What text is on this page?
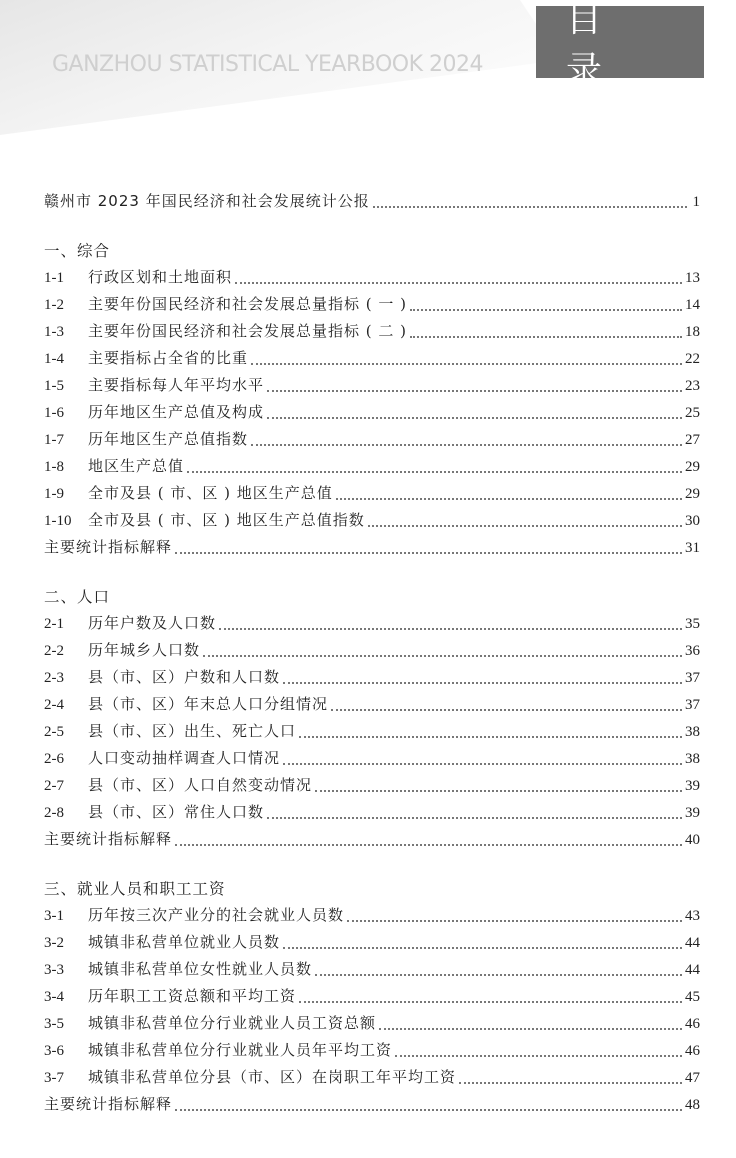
GANZHOU STATISTICAL YEARBOOK 2024
目 录
赣州市 2023 年国民经济和社会发展统计公报	1
一、综合
1-1	行政区划和土地面积	13
1-2	主要年份国民经济和社会发展总量指标 ( 一 )	14
1-3	主要年份国民经济和社会发展总量指标 ( 二 )	18
1-4	主要指标占全省的比重	22
1-5	主要指标每人年平均水平	23
1-6	历年地区生产总值及构成	25
1-7	历年地区生产总值指数	27
1-8	地区生产总值	29
1-9	全市及县 ( 市、区 ) 地区生产总值	29
1-10	全市及县 ( 市、区 ) 地区生产总值指数	30
主要统计指标解释	31
二、人口
2-1	历年户数及人口数	35
2-2	历年城乡人口数	36
2-3	县（市、区）户数和人口数	37
2-4	县（市、区）年末总人口分组情况	37
2-5	县（市、区）出生、死亡人口	38
2-6	人口变动抽样调查人口情况	38
2-7	县（市、区）人口自然变动情况	39
2-8	县（市、区）常住人口数	39
主要统计指标解释	40
三、就业人员和职工工资
3-1	历年按三次产业分的社会就业人员数	43
3-2	城镇非私营单位就业人员数	44
3-3	城镇非私营单位女性就业人员数	44
3-4	历年职工工资总额和平均工资	45
3-5	城镇非私营单位分行业就业人员工资总额	46
3-6	城镇非私营单位分行业就业人员年平均工资	46
3-7	城镇非私营单位分县（市、区）在岗职工年平均工资	47
主要统计指标解释	48
